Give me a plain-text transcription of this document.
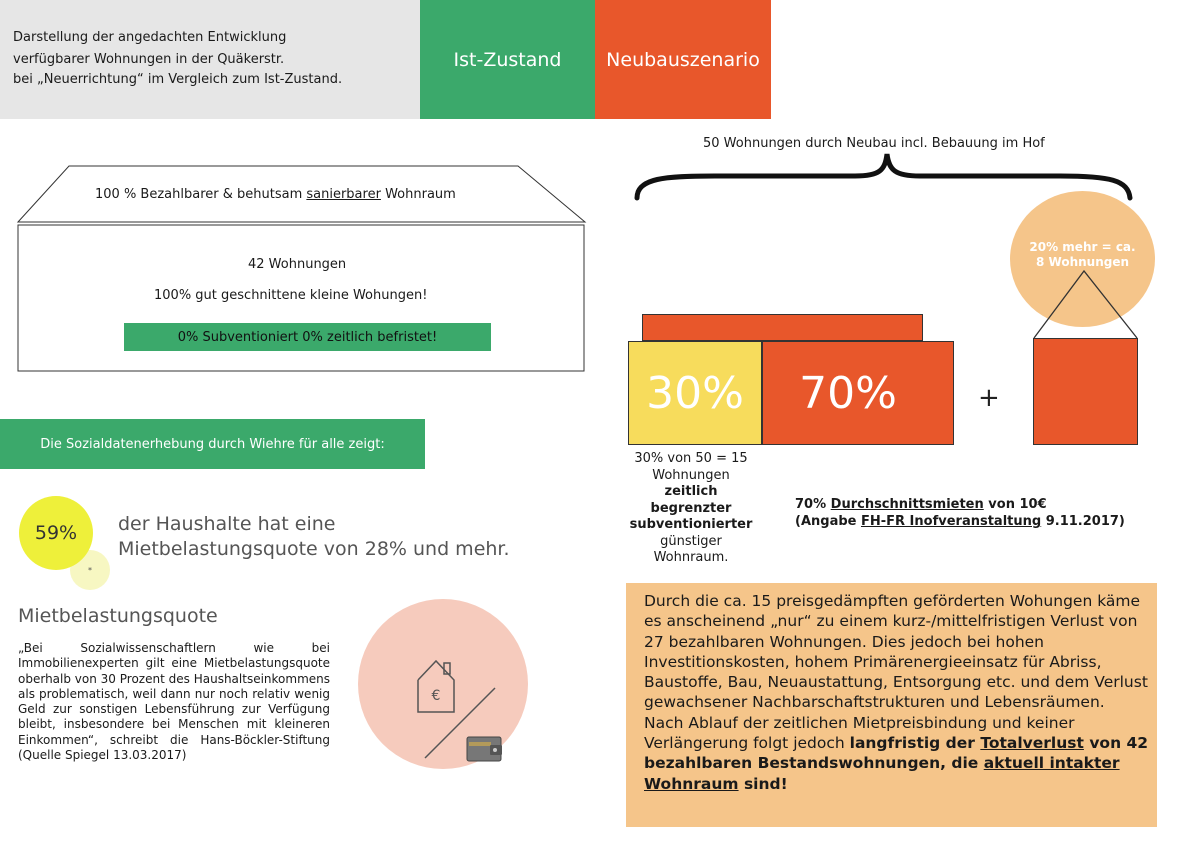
Darstellung der angedachten Entwicklung
verfügbarer Wohnungen in der Quäkerstr.
bei „Neuerrichtung“ im Vergleich zum Ist-Zustand.
Ist-Zustand	Neubauszenario
100 % Bezahlbarer & behutsam sanierbarer Wohnraum
42 Wohnungen
100% gut geschnittene kleine Wohungen!
0% Subventioniert 0% zeitlich befristet!
Die Sozialdatenerhebung durch Wiehre für alle zeigt:
*
59%	der Haushalte hat eine
Mietbelastungsquote von 28% und mehr.
Mietbelastungsquote
„Bei Sozialwissenschaftlern wie bei Immobilienexperten gilt eine Mietbelastungsquote oberhalb von 30 Prozent des Haushaltseinkommens als problematisch, weil dann nur noch relativ wenig Geld zur sonstigen Lebensführung zur Verfügung bleibt, insbesondere bei Menschen mit kleineren Einkommen“, schreibt die Hans-Böckler-Stiftung (Quelle Spiegel 13.03.2017)
€
50 Wohnungen durch Neubau incl. Bebauung im Hof
20% mehr = ca.
8 Wohnungen
30%	70%	+
30% von 50 = 15
Wohnungen
zeitlich begrenzter subventionierter
günstiger Wohnraum.
70% Durchschnittsmieten von 10€
(Angabe FH-FR Inofveranstaltung 9.11.2017)
Durch die ca. 15 preisgedämpften geförderten Wohungen käme es anscheinend „nur“ zu einem kurz-/mittelfristigen Verlust von 27 bezahlbaren Wohnungen. Dies jedoch bei hohen Investitionskosten, hohem Primärenergieeinsatz für Abriss, Baustoffe, Bau, Neuaustattung, Entsorgung etc. und dem Verlust gewachsener Nachbarschaftstrukturen und Lebensräumen. Nach Ablauf der zeitlichen Mietpreisbindung und keiner Verlängerung folgt jedoch langfristig der Totalverlust von 42 bezahlbaren Bestandswohnungen, die aktuell intakter Wohnraum sind!
